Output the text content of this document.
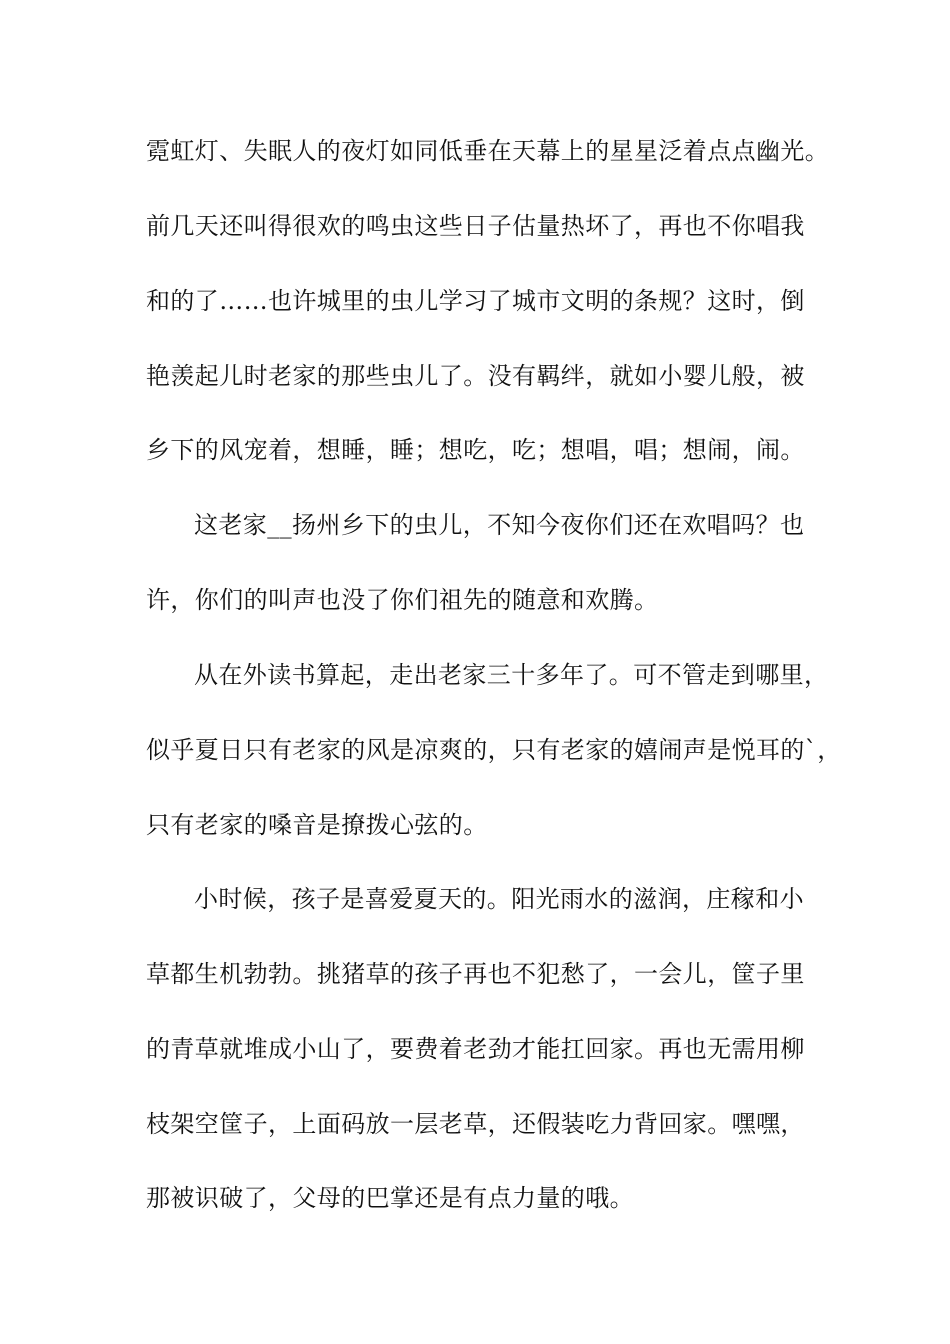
霓虹灯、失眠人的夜灯如同低垂在天幕上的星星泛着点点幽光。
前几天还叫得很欢的鸣虫这些日子估量热坏了，再也不你唱我
和的了……也许城里的虫儿学习了城市文明的条规？这时，倒
艳羡起儿时老家的那些虫儿了。没有羁绊，就如小婴儿般，被
乡下的风宠着，想睡，睡；想吃，吃；想唱，唱；想闹，闹。
这老家__扬州乡下的虫儿，不知今夜你们还在欢唱吗？也
许，你们的叫声也没了你们祖先的随意和欢腾。
从在外读书算起，走出老家三十多年了。可不管走到哪里，
似乎夏日只有老家的风是凉爽的，只有老家的嬉闹声是悦耳的`，
只有老家的嗓音是撩拨心弦的。
小时候，孩子是喜爱夏天的。阳光雨水的滋润，庄稼和小
草都生机勃勃。挑猪草的孩子再也不犯愁了，一会儿，筐子里
的青草就堆成小山了，要费着老劲才能扛回家。再也无需用柳
枝架空筐子，上面码放一层老草，还假装吃力背回家。嘿嘿，
那被识破了，父母的巴掌还是有点力量的哦。
